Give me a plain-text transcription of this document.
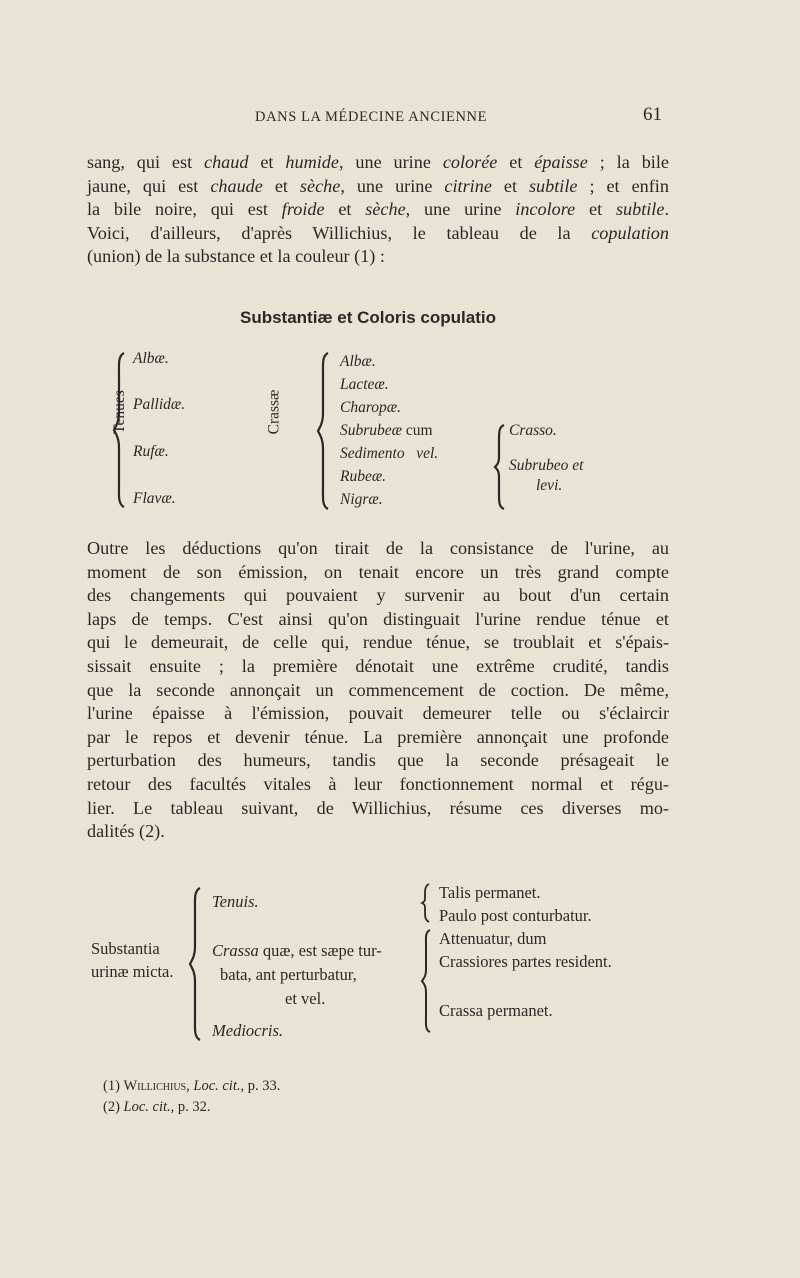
DANS LA MÉDECINE ANCIENNE	61
sang, qui est chaud et humide, une urine colorée et épaisse ; la bile
jaune, qui est chaude et sèche, une urine citrine et subtile ; et enfin
la bile noire, qui est froide et sèche, une urine incolore et subtile.
Voici, d'ailleurs, d'après Willichius, le tableau de la copulation
(union) de la substance et la couleur (1) :
Substantiæ et Coloris copulatio
Tenues
Albæ.
Pallidæ.
Rufæ.
Flavæ.
Crassæ
Albæ.
Lacteæ.
Charopæ.
Subrubeæ cum
Sedimento vel.
Rubeæ.
Nigræ.
Crasso.
Subrubeo et
levi.
Outre les déductions qu'on tirait de la consistance de l'urine, au
moment de son émission, on tenait encore un très grand compte
des changements qui pouvaient y survenir au bout d'un certain
laps de temps. C'est ainsi qu'on distinguait l'urine rendue ténue et
qui le demeurait, de celle qui, rendue ténue, se troublait et s'épais-
sissait ensuite ; la première dénotait une extrême crudité, tandis
que la seconde annonçait un commencement de coction. De même,
l'urine épaisse à l'émission, pouvait demeurer telle ou s'éclaircir
par le repos et devenir ténue. La première annonçait une profonde
perturbation des humeurs, tandis que la seconde présageait le
retour des facultés vitales à leur fonctionnement normal et régu-
lier. Le tableau suivant, de Willichius, résume ces diverses mo-
dalités (2).
Substantia
urinæ micta.
Tenuis.
Crassa quæ, est sæpe tur-
bata, ant perturbatur,
et vel.
Mediocris.
Talis permanet.
Paulo post conturbatur.
Attenuatur, dum
Crassiores partes resident.
Crassa permanet.
(1) Willichius, Loc. cit., p. 33.
(2) Loc. cit., p. 32.
